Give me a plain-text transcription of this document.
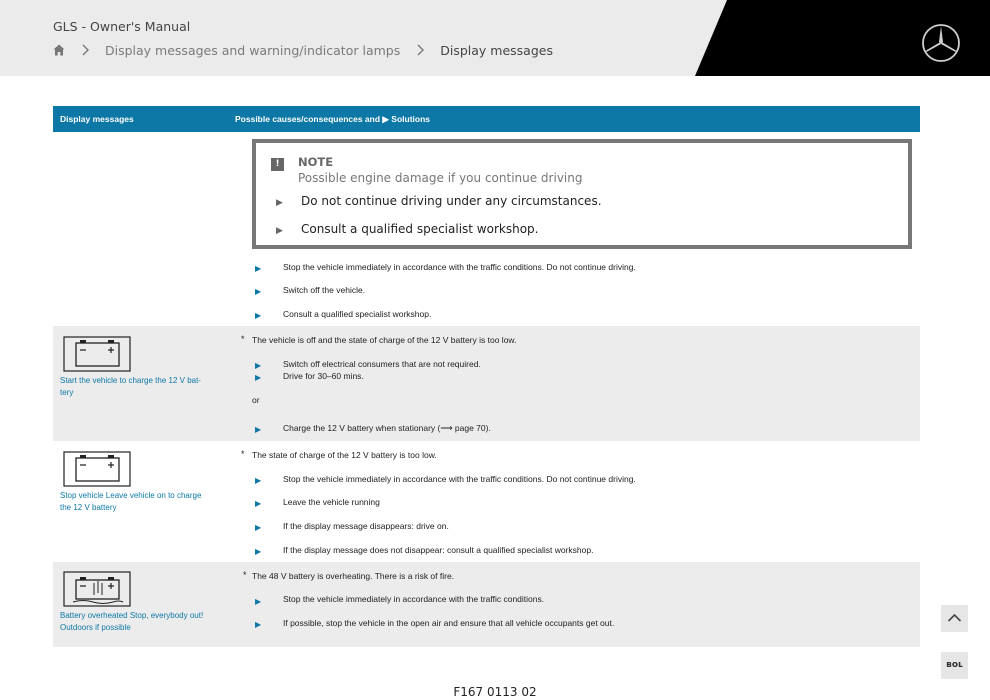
GLS - Owner's Manual
Display messages and warning/indicator lamps	Display messages
Display messages	Possible causes/consequences and ▶ Solutions
!	NOTE
Possible engine damage if you continue driving
▶ Do not continue driving under any circumstances.
▶ Consult a qualified specialist workshop.
▶	Stop the vehicle immediately in accordance with the traffic conditions. Do not continue driving.
▶	Switch off the vehicle.
▶	Consult a qualified specialist workshop.
Start the vehicle to charge the 12 V bat-
tery
* The vehicle is off and the state of charge of the 12 V battery is too low.
▶	Switch off electrical consumers that are not required.
▶	Drive for 30–60 mins.
or
▶	Charge the 12 V battery when stationary (⟶ page 70).
Stop vehicle Leave vehicle on to charge
the 12 V battery
* The state of charge of the 12 V battery is too low.
▶	Stop the vehicle immediately in accordance with the traffic conditions. Do not continue driving.
▶	Leave the vehicle running
▶	If the display message disappears: drive on.
▶	If the display message does not disappear: consult a qualified specialist workshop.
Battery overheated Stop, everybody out!
Outdoors if possible
* The 48 V battery is overheating. There is a risk of fire.
▶	Stop the vehicle immediately in accordance with the traffic conditions.
▶	If possible, stop the vehicle in the open air and ensure that all vehicle occupants get out.
ʙᴏʟ
F167 0113 02
